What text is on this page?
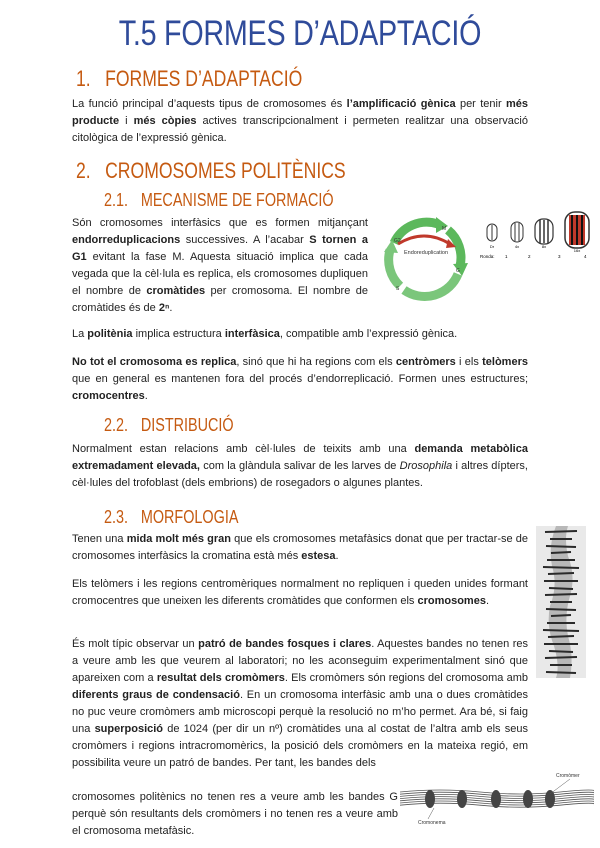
T.5 FORMES D’ADAPTACIÓ
1. FORMES D’ADAPTACIÓ

La funció principal d’aquests tipus de cromosomes és l’amplificació gènica per tenir més producte i més còpies actives transcripcionalment i permeten realitzar una observació citològica de l’expressió gènica.

2. CROMOSOMES POLITÈNICS
2.1. MECANISME DE FORMACIÓ

Són cromosomes interfàsics que es formen mitjançant endorreduplicacions successives. A l’acabar S tornen a G1 evitant la fase M. Aquesta situació implica que cada vegada que la cèl·lula es replica, els cromosomes dupliquen el nombre de cromàtides per cromosoma. El nombre de cromàtides és de 2ⁿ.

G2
M
G
S
Endoreduplication
Dr	4x	8x
16x
Ronda: 1	2	3	4

La politènia implica estructura interfàsica, compatible amb l’expressió gènica.

No tot el cromosoma es replica, sinó que hi ha regions com els centròmers i els telòmers que en general es mantenen fora del procés d’endorreplicació. Formen unes estructures; cromocentres.

2.2. DISTRIBUCIÓ

Normalment estan relacions amb cèl·lules de teixits amb una demanda metabòlica extremadament elevada, com la glàndula salivar de les larves de Drosophila i altres dípters, cèl·lules del trofoblast (dels embrions) de rosegadors o algunes plantes.

2.3. MORFOLOGIA

Tenen una mida molt més gran que els cromosomes metafàsics donat que per tractar-se de cromosomes interfàsics la cromatina està més estesa.

Els telòmers i les regions centromèriques normalment no repliquen i queden unides formant cromocentres que uneixen les diferents cromàtides que conformen els cromosomes.

És molt típic observar un patró de bandes fosques i clares. Aquestes bandes no tenen res a veure amb les que veurem al laboratori; no les aconseguim experimentalment sinó que apareixen com a resultat dels cromòmers. Els cromòmers són regions del cromosoma amb diferents graus de condensació. En un cromosoma interfàsic amb una o dues cromàtides no puc veure cromòmers amb microscopi perquè la resolució no m’ho permet. Ara bé, si faig una superposició de 1024 (per dir un nº) cromàtides una al costat de l’altra amb els seus cromòmers i regions intracromomèrics, la posició dels cromòmers en la mateixa regió, em possibilita veure un patró de bandes. Per tant, les bandes dels

cromosomes politènics no tenen res a veure amb les bandes G perquè són resultants dels cromòmers i no tenen res a veure amb el cromosoma metafàsic.

Cromòmer
Cromonema
